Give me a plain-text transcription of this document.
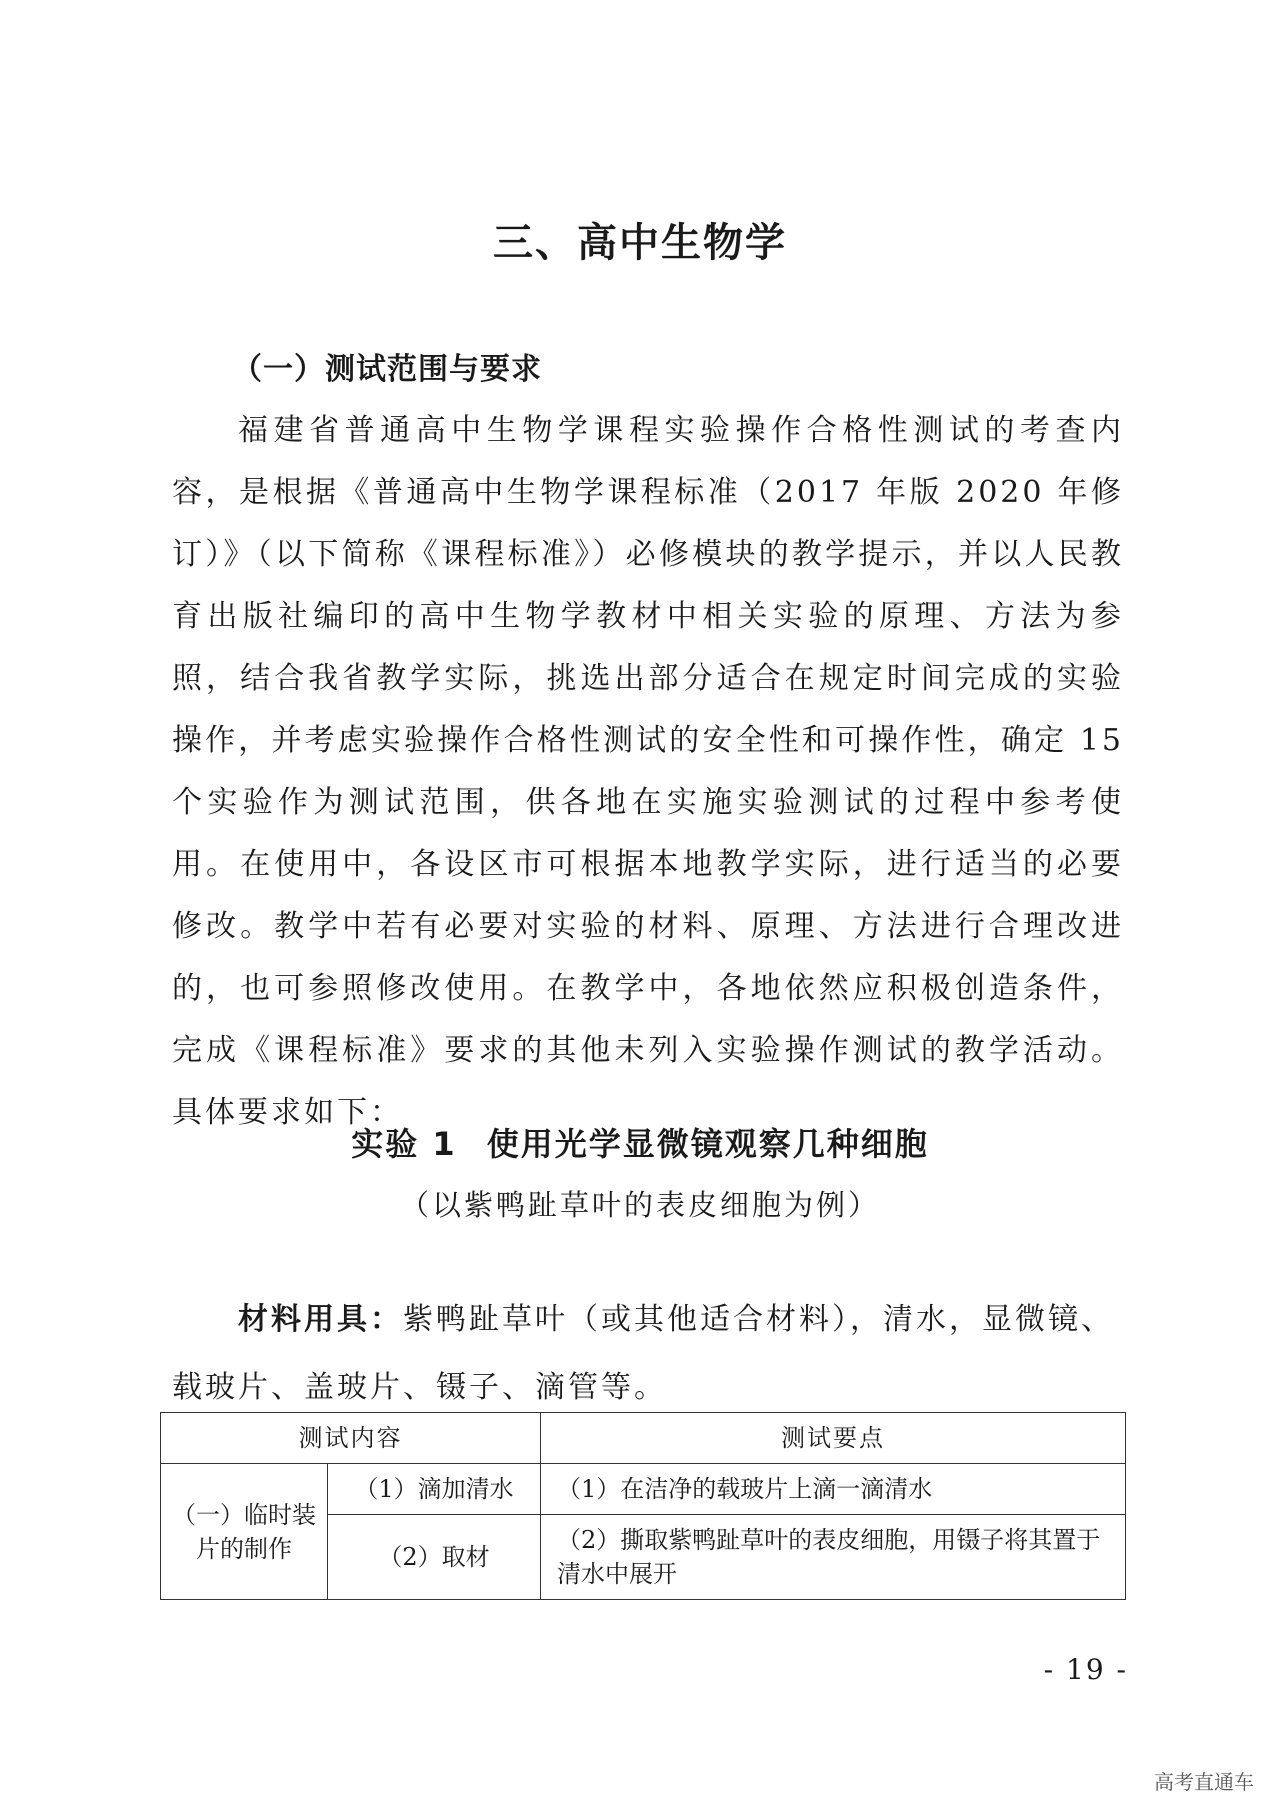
三、高中生物学
（一）测试范围与要求

福建省普通高中生物学课程实验操作合格性测试的考查内容，是根据《普通高中生物学课程标准（2017 年版 2020 年修订）》（以下简称《课程标准》）必修模块的教学提示，并以人民教育出版社编印的高中生物学教材中相关实验的原理、方法为参照，结合我省教学实际，挑选出部分适合在规定时间完成的实验操作，并考虑实验操作合格性测试的安全性和可操作性，确定 15 个实验作为测试范围，供各地在实施实验测试的过程中参考使用。在使用中，各设区市可根据本地教学实际，进行适当的必要修改。教学中若有必要对实验的材料、原理、方法进行合理改进的，也可参照修改使用。在教学中，各地依然应积极创造条件，完成《课程标准》要求的其他未列入实验操作测试的教学活动。具体要求如下：

实验 1 使用光学显微镜观察几种细胞
（以紫鸭趾草叶的表皮细胞为例）

材料用具：紫鸭趾草叶（或其他适合材料），清水，显微镜、载玻片、盖玻片、镊子、滴管等。

测试内容		测试要点
（一）临时装片的制作	（1）滴加清水	（1）在洁净的载玻片上滴一滴清水
	（2）取材	（2）撕取紫鸭趾草叶的表皮细胞，用镊子将其置于清水中展开
- 19 -
高考直通车
